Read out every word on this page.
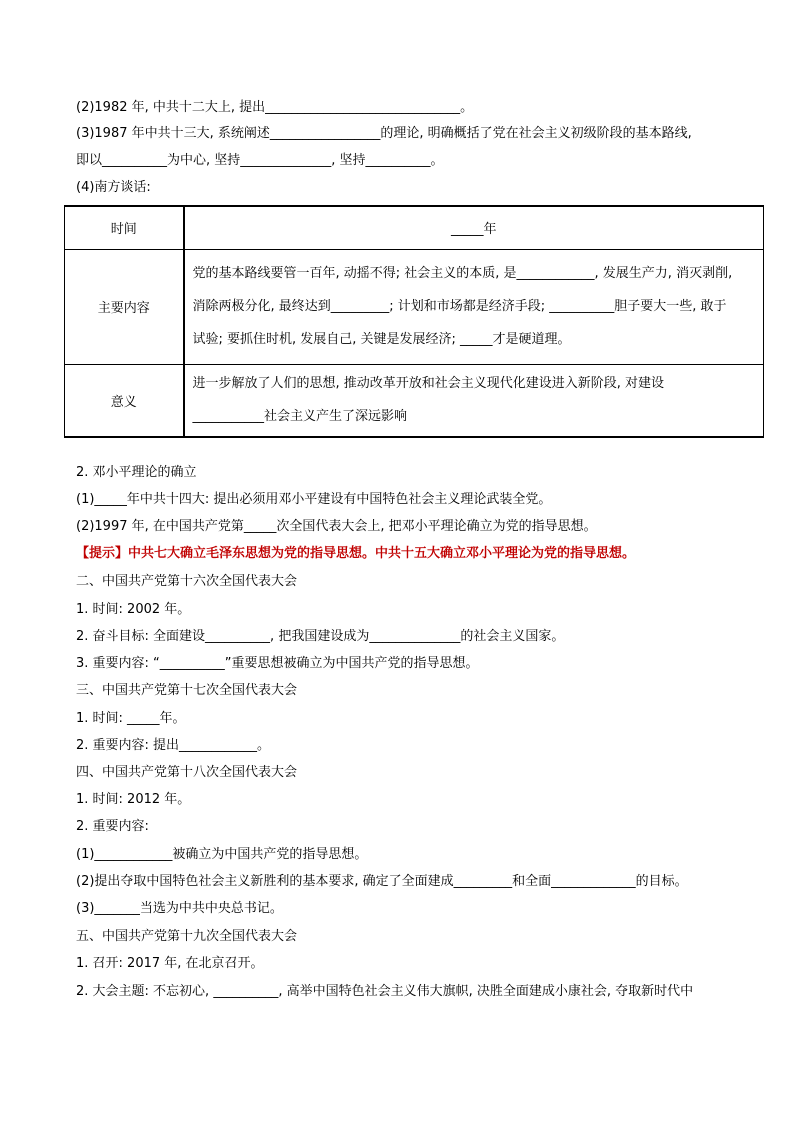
(2)1982 年, 中共十二大上, 提出______________________________。
(3)1987 年中共十三大, 系统阐述_________________的理论, 明确概括了党在社会主义初级阶段的基本路线,
即以__________为中心, 坚持______________, 坚持__________。
(4)南方谈话:
时间	_____年
主要内容	党的基本路线要管一百年, 动摇不得; 社会主义的本质, 是____________, 发展生产力, 消灭剥削,
消除两极分化, 最终达到_________; 计划和市场都是经济手段; __________胆子要大一些, 敢于
试验; 要抓住时机, 发展自己, 关键是发展经济; _____才是硬道理。

意义	进一步解放了人们的思想, 推动改革开放和社会主义现代化建设进入新阶段, 对建设
___________社会主义产生了深远影响
2. 邓小平理论的确立
(1)_____年中共十四大: 提出必须用邓小平建设有中国特色社会主义理论武装全党。
(2)1997 年, 在中国共产党第_____次全国代表大会上, 把邓小平理论确立为党的指导思想。
【提示】中共七大确立毛泽东思想为党的指导思想。中共十五大确立邓小平理论为党的指导思想。
二、中国共产党第十六次全国代表大会
1. 时间: 2002 年。
2. 奋斗目标: 全面建设__________, 把我国建设成为______________的社会主义国家。
3. 重要内容: “__________”重要思想被确立为中国共产党的指导思想。
三、中国共产党第十七次全国代表大会
1. 时间: _____年。
2. 重要内容: 提出____________。
四、中国共产党第十八次全国代表大会
1. 时间: 2012 年。
2. 重要内容:
(1)____________被确立为中国共产党的指导思想。
(2)提出夺取中国特色社会主义新胜利的基本要求, 确定了全面建成_________和全面_____________的目标。
(3)_______当选为中共中央总书记。
五、中国共产党第十九次全国代表大会
1. 召开: 2017 年, 在北京召开。
2. 大会主题: 不忘初心, __________, 高举中国特色社会主义伟大旗帜, 决胜全面建成小康社会, 夺取新时代中
